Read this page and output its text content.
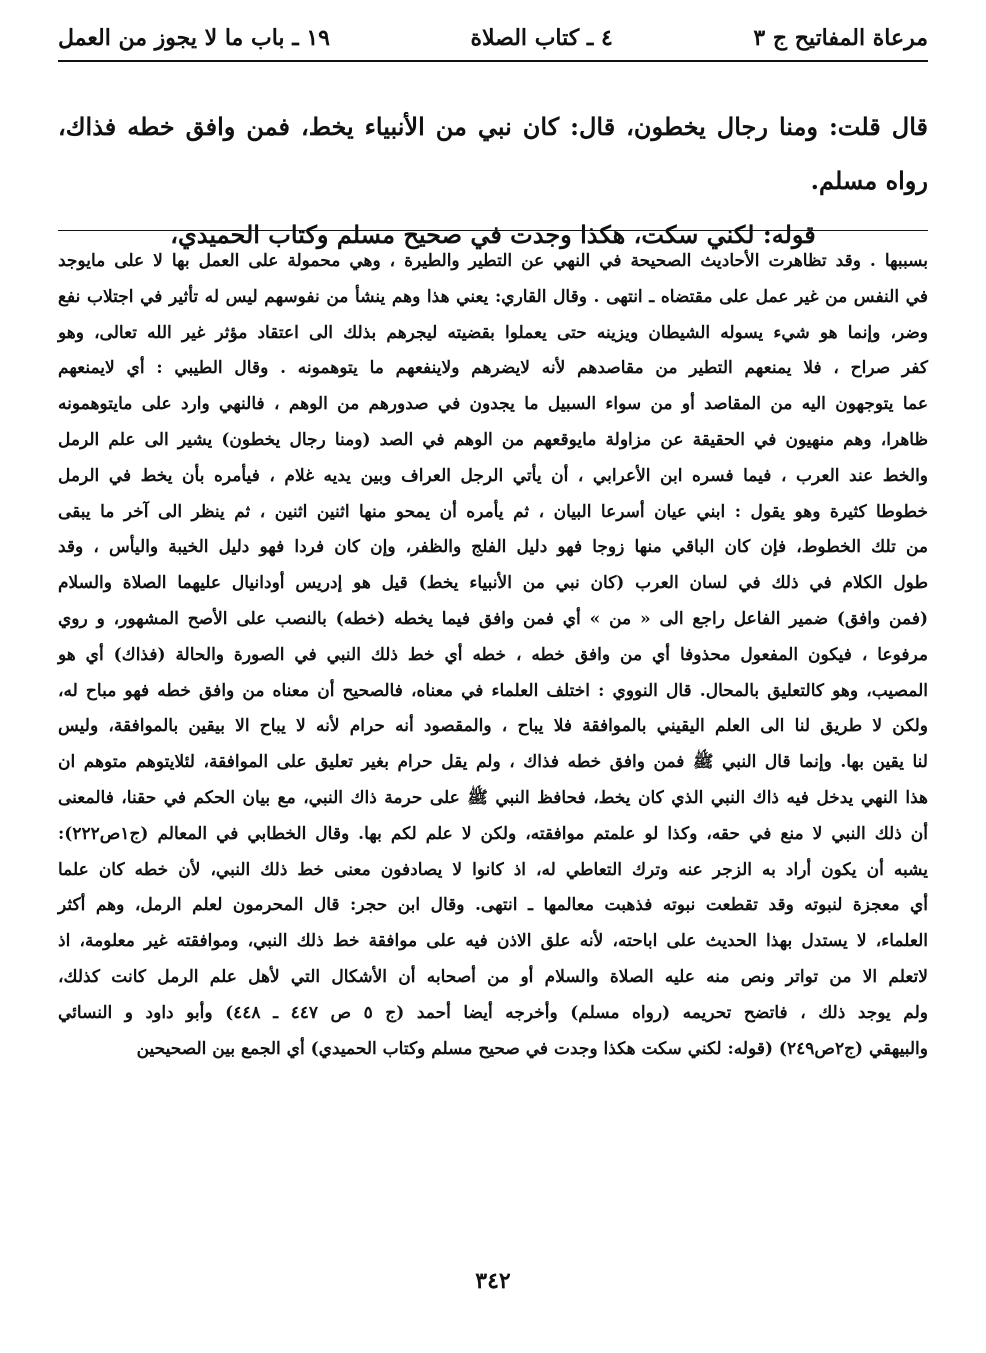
مرعاة المفاتيح ج ٣
٤ ـ كتاب الصلاة
١٩ ـ باب ما لا يجوز من العمل

قال قلت: ومنا رجال يخطون، قال: كان نبي من الأنبياء يخط، فمن وافق خطه فذاك، رواه مسلم.

قوله: لكني سكت، هكذا وجدت في صحيح مسلم وكتاب الحميدي،

بسببها . وقد تظاهرت الأحاديث الصحيحة في النهي عن التطير والطيرة ، وهي محمولة على العمل بها لا على مايوجد

في النفس من غير عمل على مقتضاه ـ انتهى . وقال القاري: يعني هذا وهم ينشأ من نفوسهم ليس له تأثير في اجتلاب نفع

وضر، وإنما هو شيء يسوله الشيطان ويزينه حتى يعملوا بقضيته ليجرهم بذلك الى اعتقاد مؤثر غير الله تعالى، وهو

كفر صراح ، فلا يمنعهم التطير من مقاصدهم لأنه لايضرهم ولاينفعهم ما يتوهمونه . وقال الطيبي : أي لايمنعهم

عما يتوجهون اليه من المقاصد أو من سواء السبيل ما يجدون في صدورهم من الوهم ، فالنهي وارد على مايتوهمونه

ظاهرا، وهم منهيون في الحقيقة عن مزاولة مايوقعهم من الوهم في الصد (ومنا رجال يخطون) يشير الى علم الرمل

والخط عند العرب ، فيما فسره ابن الأعرابي ، أن يأتي الرجل العراف وبين يديه غلام ، فيأمره بأن يخط في الرمل

خطوطا كثيرة وهو يقول : ابني عيان أسرعا البيان ، ثم يأمره أن يمحو منها اثنين اثنين ، ثم ينظر الى آخر ما يبقى

من تلك الخطوط، فإن كان الباقي منها زوجا فهو دليل الفلج والظفر، وإن كان فردا فهو دليل الخيبة واليأس ، وقد

طول الكلام في ذلك في لسان العرب (كان نبي من الأنبياء يخط) قيل هو إدريس أودانيال عليهما الصلاة والسلام

(فمن وافق) ضمير الفاعل راجع الى « من » أي فمن وافق فيما يخطه (خطه) بالنصب على الأصح المشهور، و روي

مرفوعا ، فيكون المفعول محذوفا أي من وافق خطه ، خطه أي خط ذلك النبي في الصورة والحالة (فذاك) أي هو

المصيب، وهو كالتعليق بالمحال. قال النووي : اختلف العلماء في معناه، فالصحيح أن معناه من وافق خطه فهو مباح له،

ولكن لا طريق لنا الى العلم اليقيني بالموافقة فلا يباح ، والمقصود أنه حرام لأنه لا يباح الا بيقين بالموافقة، وليس

لنا يقين بها. وإنما قال النبي ﷺ فمن وافق خطه فذاك ، ولم يقل حرام بغير تعليق على الموافقة، لئلايتوهم متوهم ان

هذا النهي يدخل فيه ذاك النبي الذي كان يخط، فحافظ النبي ﷺ على حرمة ذاك النبي، مع بيان الحكم في حقنا، فالمعنى

أن ذلك النبي لا منع في حقه، وكذا لو علمتم موافقته، ولكن لا علم لكم بها. وقال الخطابي في المعالم (ج١ص٢٢٢):

يشبه أن يكون أراد به الزجر عنه وترك التعاطي له، اذ كانوا لا يصادفون معنى خط ذلك النبي، لأن خطه كان علما

أي معجزة لنبوته وقد تقطعت نبوته فذهبت معالمها ـ انتهى. وقال ابن حجر: قال المحرمون لعلم الرمل، وهم أكثر

العلماء، لا يستدل بهذا الحديث على اباحته، لأنه علق الاذن فيه على موافقة خط ذلك النبي، وموافقته غير معلومة، اذ

لاتعلم الا من تواتر ونص منه عليه الصلاة والسلام أو من أصحابه أن الأشكال التي لأهل علم الرمل كانت كذلك،

ولم يوجد ذلك ، فاتضح تحريمه (رواه مسلم) وأخرجه أيضا أحمد (ج ٥ ص ٤٤٧ ـ ٤٤٨) وأبو داود و النسائي

والبيهقي (ج٢ص٢٤٩) (قوله: لكني سكت هكذا وجدت في صحيح مسلم وكتاب الحميدي) أي الجمع بين الصحيحين

٣٤٢
